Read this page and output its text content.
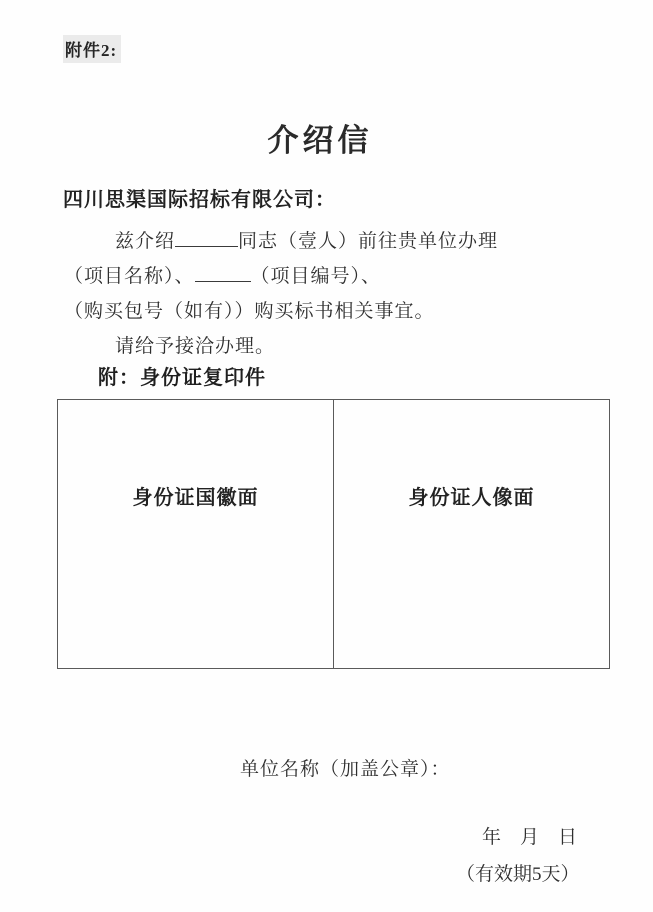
附件2:
介绍信
四川思渠国际招标有限公司：
兹介绍	同志（壹人）前往贵单位办理
（项目名称）、	（项目编号）、
（购买包号（如有））购买标书相关事宜。
请给予接洽办理。
附：身份证复印件
身份证国徽面	身份证人像面
单位名称（加盖公章）：
年　月　日
（有效期5天）
